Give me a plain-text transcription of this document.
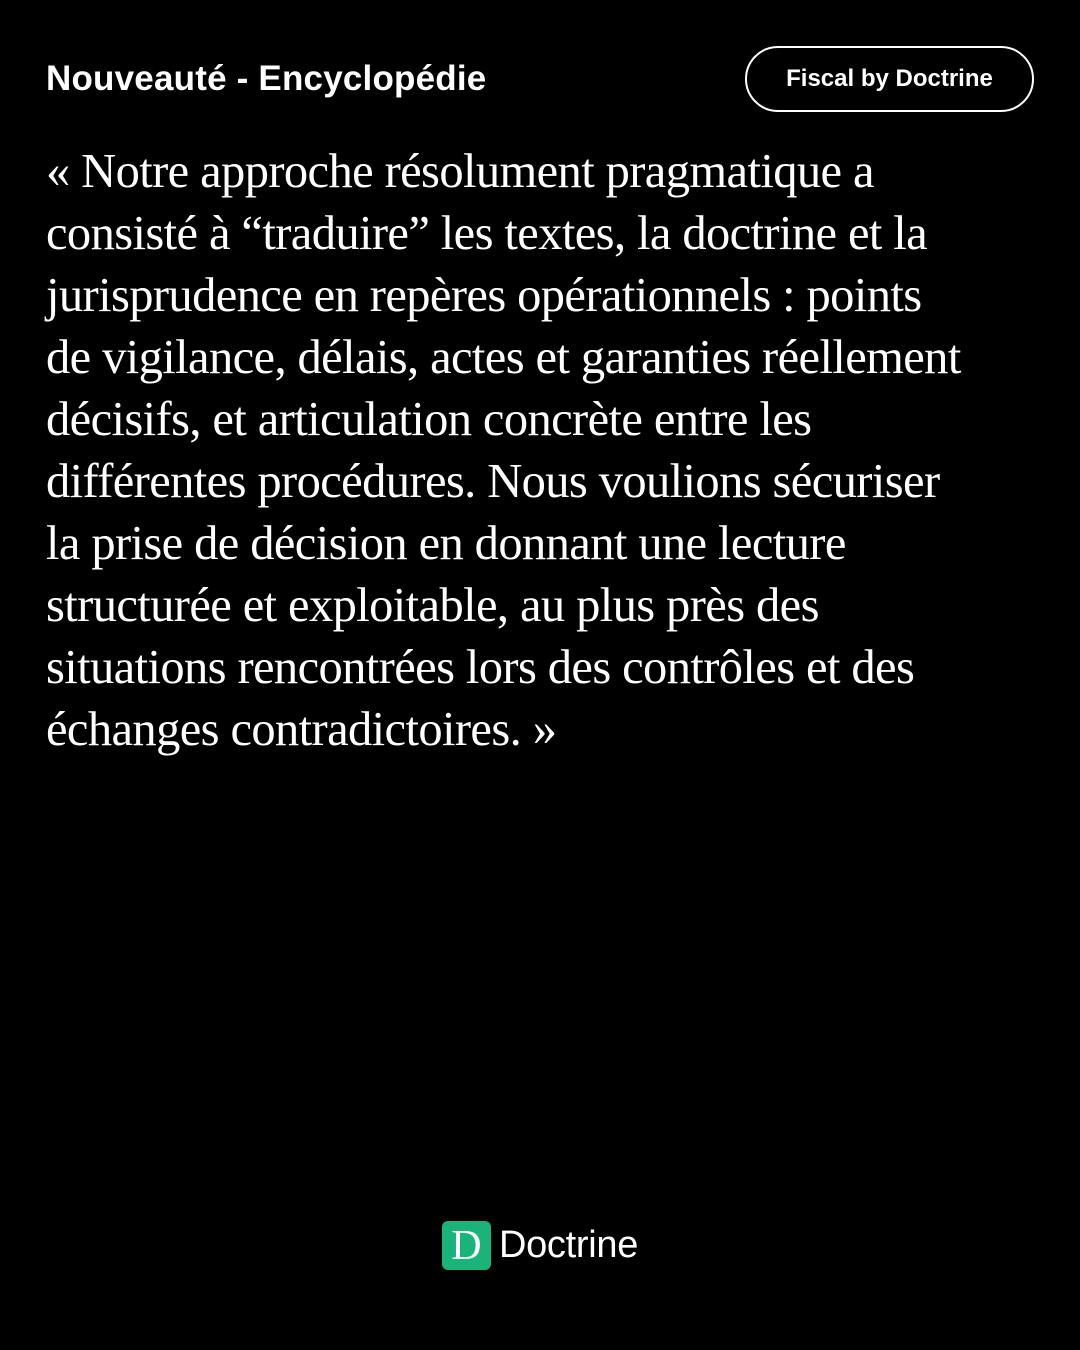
Nouveauté - Encyclopédie	Fiscal by Doctrine

« Notre approche résolument pragmatique a
consisté à “traduire” les textes, la doctrine et la
jurisprudence en repères opérationnels : points
de vigilance, délais, actes et garanties réellement
décisifs, et articulation concrète entre les
différentes procédures. Nous voulions sécuriser
la prise de décision en donnant une lecture
structurée et exploitable, au plus près des
situations rencontrées lors des contrôles et des
échanges contradictoires. »

D Doctrine
